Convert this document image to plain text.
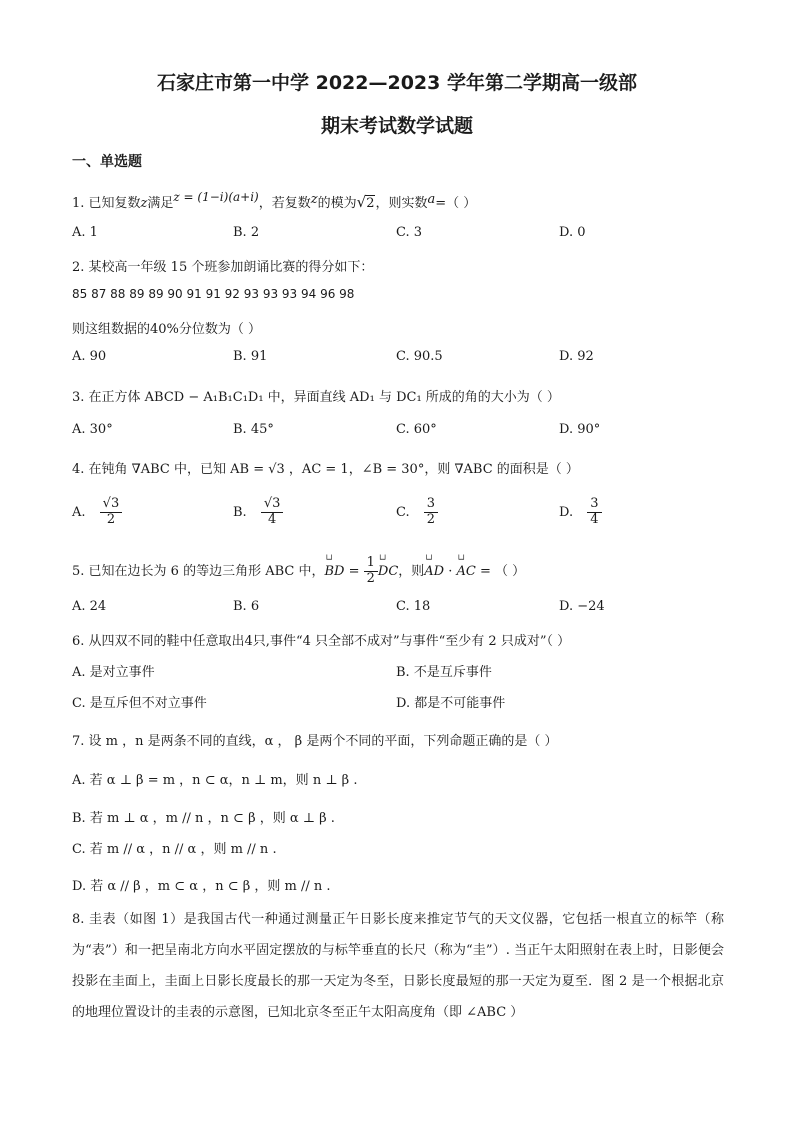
石家庄市第一中学 2022—2023 学年第二学期高一级部
期末考试数学试题
一、单选题
1. 已知复数z满足z = (1−i)(a+i)，若复数z的模为√2，则实数a=（ ）
A. 1	B. 2	C. 3	D. 0
2. 某校高一年级 15 个班参加朗诵比赛的得分如下：
85 87 88 89 89 90 91 91 92 93 93 93 94 96 98
则这组数据的40%分位数为（ ）
A. 90	B. 91	C. 90.5	D. 92
3. 在正方体 ABCD − A₁B₁C₁D₁ 中，异面直线 AD₁ 与 DC₁ 所成的角的大小为（ ）
A. 30°	B. 45°	C. 60°	D. 90°
4. 在钝角 ∇ABC 中，已知 AB = √3 ，AC = 1，∠B = 30°，则 ∇ABC 的面积是（ ）
A. $\frac{√3}{2}$	B. $\frac{√3}{4}$	C. $\frac{3}{2}$	D. $\frac{3}{4}$
5. 已知在边长为 6 的等边三角形 ABC 中，└┘ BD = $\frac{1}{2}$
└┘ DC，则└┘ AD · └┘ AC = （ ）
A. 24	B. 6	C. 18	D. −24
6. 从四双不同的鞋中任意取出4只,事件“4 只全部不成对”与事件“至少有 2 只成对”（ ）
A. 是对立事件	B. 不是互斥事件
C. 是互斥但不对立事件	D. 都是不可能事件
7. 设 m ，n 是两条不同的直线，α ， β 是两个不同的平面，下列命题正确的是（ ）
A. 若 α ⊥ β = m ，n ⊂ α，n ⊥ m，则 n ⊥ β .
B. 若 m ⊥ α ，m // n ，n ⊂ β ，则 α ⊥ β .
C. 若 m // α ，n // α ，则 m // n .
D. 若 α // β ，m ⊂ α ，n ⊂ β ，则 m // n .
8. 圭表（如图 1）是我国古代一种通过测量正午日影长度来推定节气的天文仪器，它包括一根直立的标竿（称为“表”）和一把呈南北方向水平固定摆放的与标竿垂直的长尺（称为“圭”）. 当正午太阳照射在表上时，日影便会投影在圭面上，圭面上日影长度最长的那一天定为冬至，日影长度最短的那一天定为夏至．图 2 是一个根据北京的地理位置设计的圭表的示意图，已知北京冬至正午太阳高度角（即 ∠ABC ）
